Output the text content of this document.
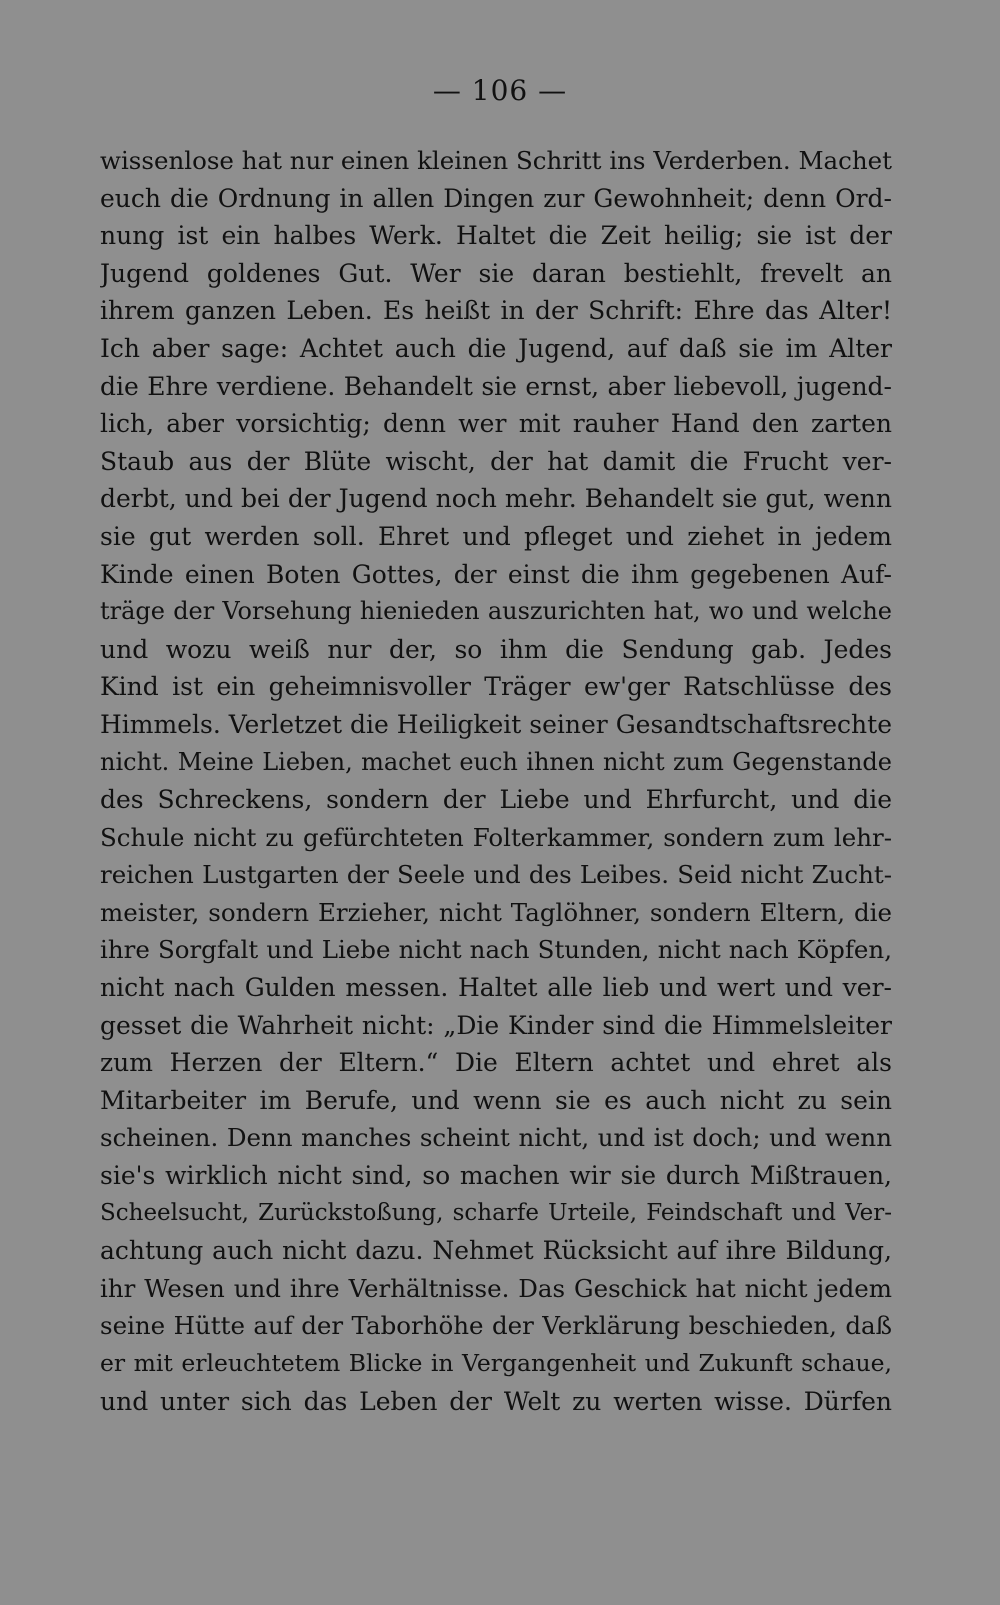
— 106 —
wissenlose hat nur einen kleinen Schritt ins Verderben. Machet
euch die Ordnung in allen Dingen zur Gewohnheit; denn Ord-
nung ist ein halbes Werk. Haltet die Zeit heilig; sie ist der
Jugend goldenes Gut. Wer sie daran bestiehlt, frevelt an
ihrem ganzen Leben. Es heißt in der Schrift: Ehre das Alter!
Ich aber sage: Achtet auch die Jugend, auf daß sie im Alter
die Ehre verdiene. Behandelt sie ernst, aber liebevoll, jugend-
lich, aber vorsichtig; denn wer mit rauher Hand den zarten
Staub aus der Blüte wischt, der hat damit die Frucht ver-
derbt, und bei der Jugend noch mehr. Behandelt sie gut, wenn
sie gut werden soll. Ehret und pfleget und ziehet in jedem
Kinde einen Boten Gottes, der einst die ihm gegebenen Auf-
träge der Vorsehung hienieden auszurichten hat, wo und welche
und wozu weiß nur der, so ihm die Sendung gab. Jedes
Kind ist ein geheimnisvoller Träger ew'ger Ratschlüsse des
Himmels. Verletzet die Heiligkeit seiner Gesandtschaftsrechte
nicht. Meine Lieben, machet euch ihnen nicht zum Gegenstande
des Schreckens, sondern der Liebe und Ehrfurcht, und die
Schule nicht zu gefürchteten Folterkammer, sondern zum lehr-
reichen Lustgarten der Seele und des Leibes. Seid nicht Zucht-
meister, sondern Erzieher, nicht Taglöhner, sondern Eltern, die
ihre Sorgfalt und Liebe nicht nach Stunden, nicht nach Köpfen,
nicht nach Gulden messen. Haltet alle lieb und wert und ver-
gesset die Wahrheit nicht: „Die Kinder sind die Himmelsleiter
zum Herzen der Eltern.“ Die Eltern achtet und ehret als
Mitarbeiter im Berufe, und wenn sie es auch nicht zu sein
scheinen. Denn manches scheint nicht, und ist doch; und wenn
sie's wirklich nicht sind, so machen wir sie durch Mißtrauen,
Scheelsucht, Zurückstoßung, scharfe Urteile, Feindschaft und Ver-
achtung auch nicht dazu. Nehmet Rücksicht auf ihre Bildung,
ihr Wesen und ihre Verhältnisse. Das Geschick hat nicht jedem
seine Hütte auf der Taborhöhe der Verklärung beschieden, daß
er mit erleuchtetem Blicke in Vergangenheit und Zukunft schaue,
und unter sich das Leben der Welt zu werten wisse. Dürfen
